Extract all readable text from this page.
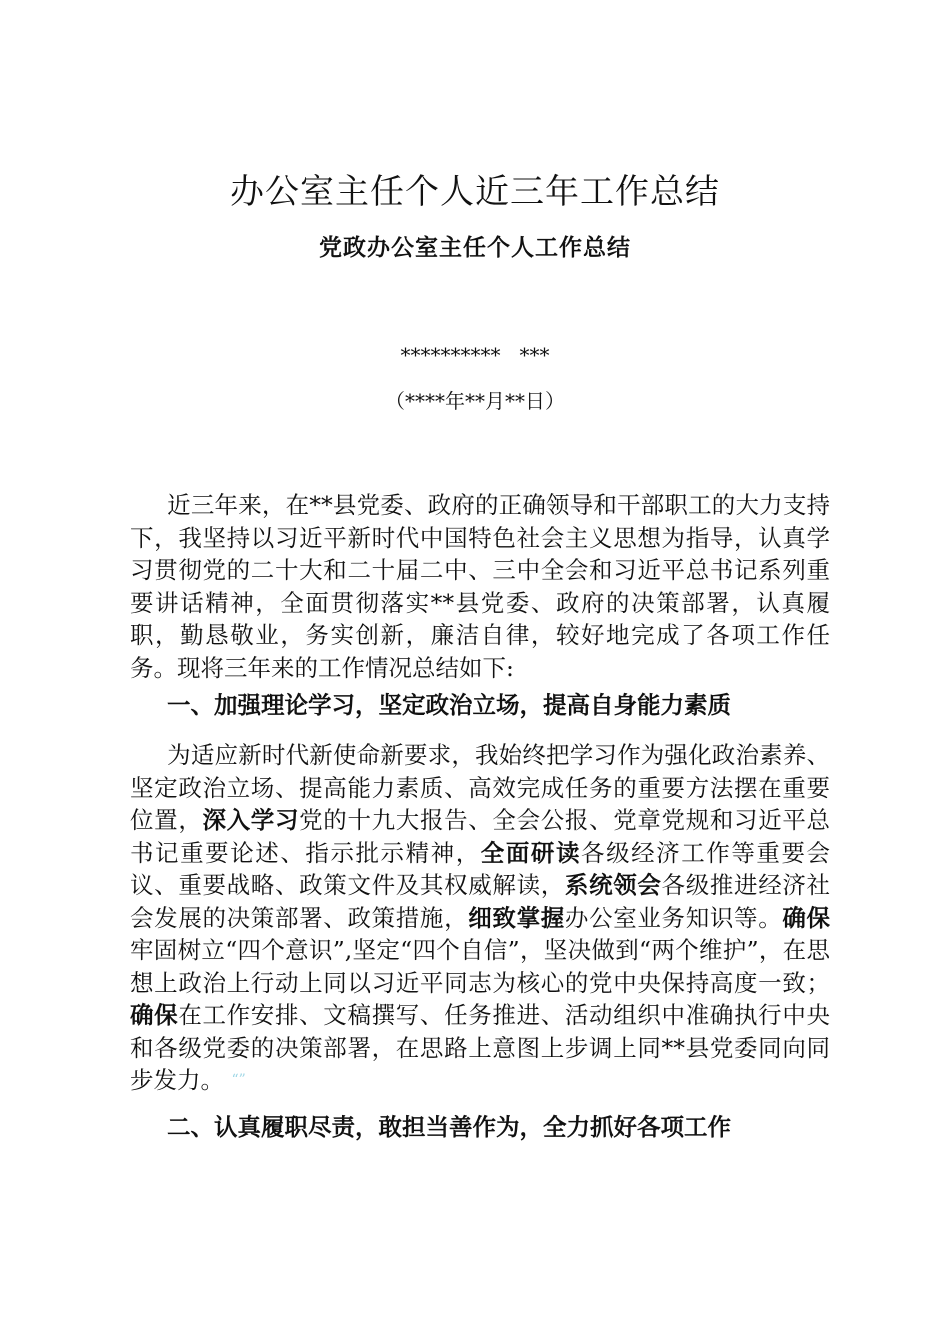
办公室主任个人近三年工作总结
党政办公室主任个人工作总结
**********   ***
（****年**月**日）
近三年来，在**县党委、政府的正确领导和干部职工的大力支持下，我坚持以习近平新时代中国特色社会主义思想为指导，认真学习贯彻党的二十大和二十届二中、三中全会和习近平总书记系列重要讲话精神，全面贯彻落实**县党委、政府的决策部署，认真履职，勤恳敬业，务实创新，廉洁自律，较好地完成了各项工作任务。现将三年来的工作情况总结如下:
一、加强理论学习，坚定政治立场，提高自身能力素质
为适应新时代新使命新要求，我始终把学习作为强化政治素养、坚定政治立场、提高能力素质、高效完成任务的重要方法摆在重要位置，深入学习党的十九大报告、全会公报、党章党规和习近平总书记重要论述、指示批示精神，全面研读各级经济工作等重要会议、重要战略、政策文件及其权威解读，系统领会各级推进经济社会发展的决策部署、政策措施，细致掌握办公室业务知识等。确保牢固树立“四个意识”,坚定“四个自信”，坚决做到“两个维护”，在思想上政治上行动上同以习近平同志为核心的党中央保持高度一致；确保在工作安排、文稿撰写、任务推进、活动组织中准确执行中央和各级党委的决策部署，在思路上意图上步调上同**县党委同向同步发力。 “”
二、认真履职尽责，敢担当善作为，全力抓好各项工作
